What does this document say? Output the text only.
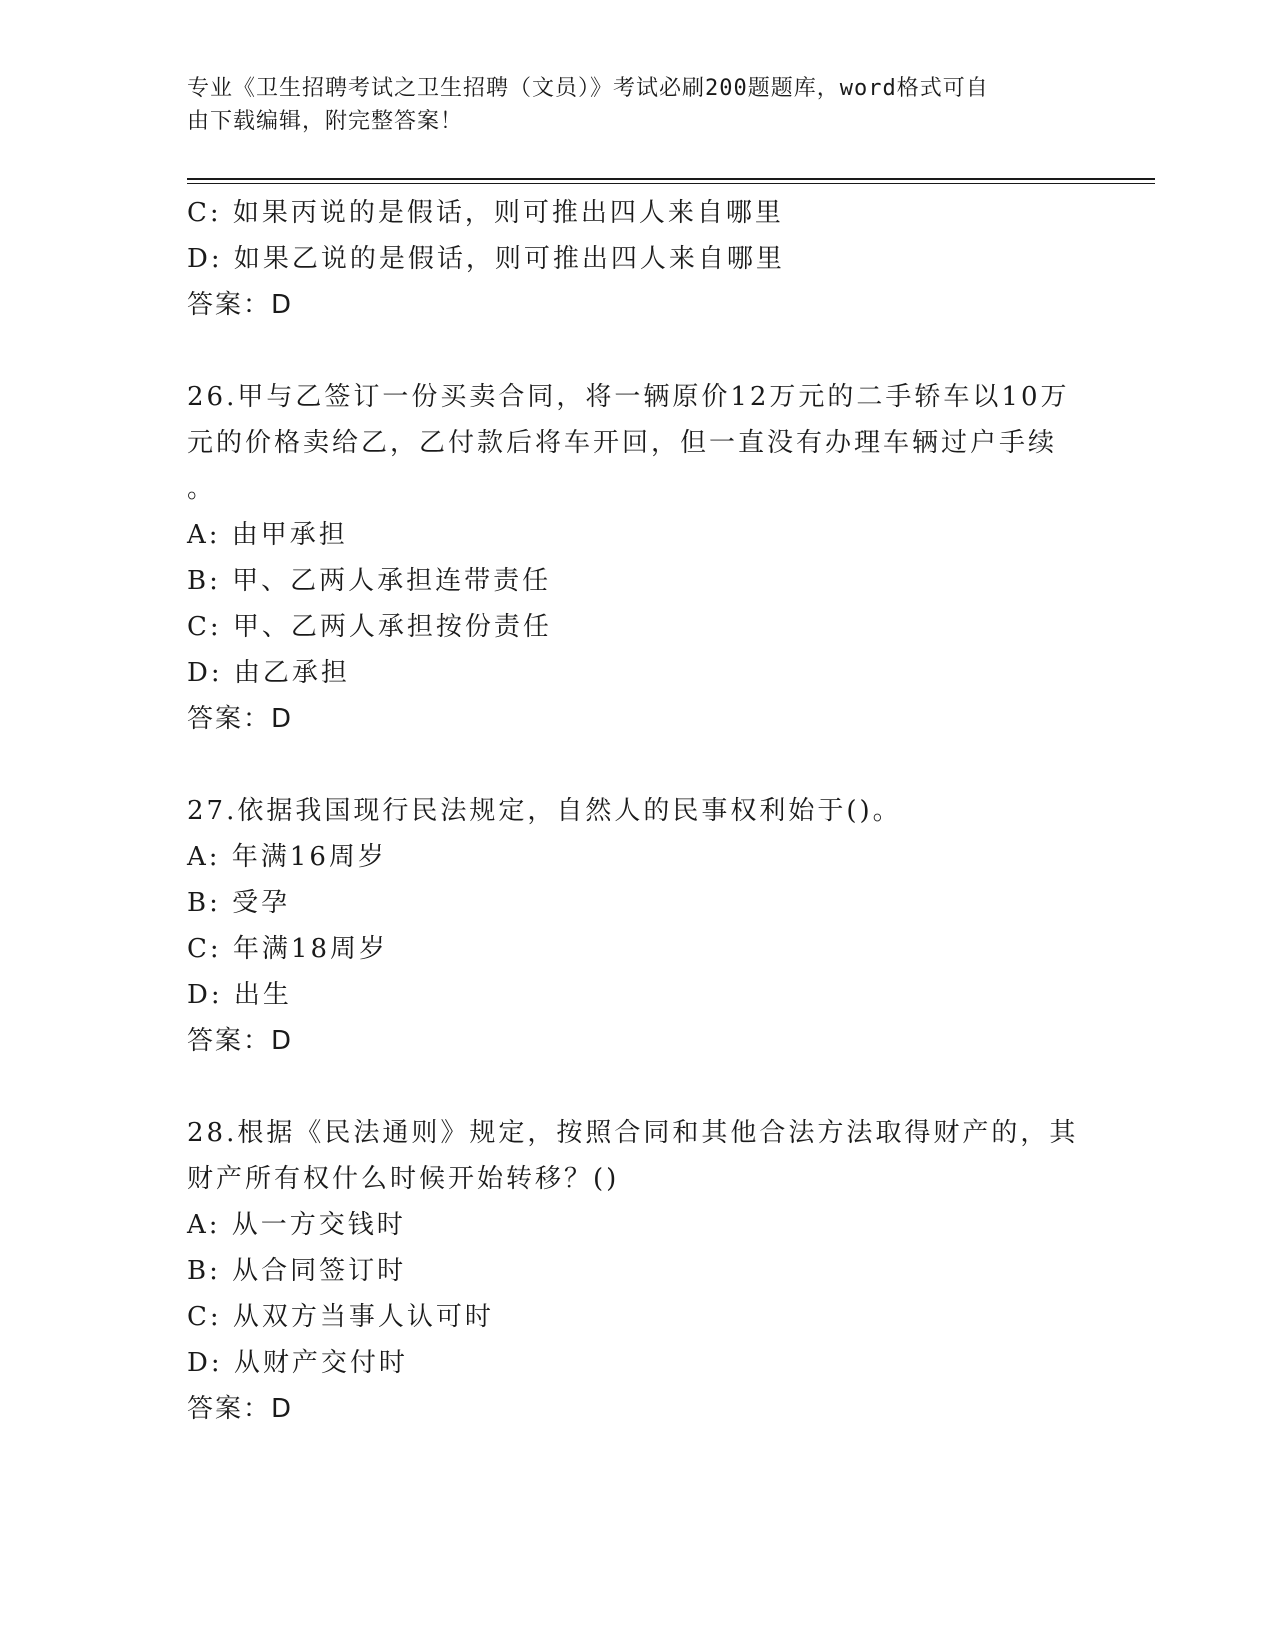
专业《卫生招聘考试之卫生招聘（文员）》考试必刷200题题库，word格式可自
由下载编辑，附完整答案！
C: 如果丙说的是假话，则可推出四人来自哪里
D: 如果乙说的是假话，则可推出四人来自哪里
答案：D
26.甲与乙签订一份买卖合同，将一辆原价12万元的二手轿车以10万
元的价格卖给乙，乙付款后将车开回，但一直没有办理车辆过户手续
。
A: 由甲承担
B: 甲、乙两人承担连带责任
C: 甲、乙两人承担按份责任
D: 由乙承担
答案：D
27.依据我国现行民法规定，自然人的民事权利始于()。
A: 年满16周岁
B: 受孕
C: 年满18周岁
D: 出生
答案：D
28.根据《民法通则》规定，按照合同和其他合法方法取得财产的，其
财产所有权什么时候开始转移？()
A: 从一方交钱时
B: 从合同签订时
C: 从双方当事人认可时
D: 从财产交付时
答案：D
